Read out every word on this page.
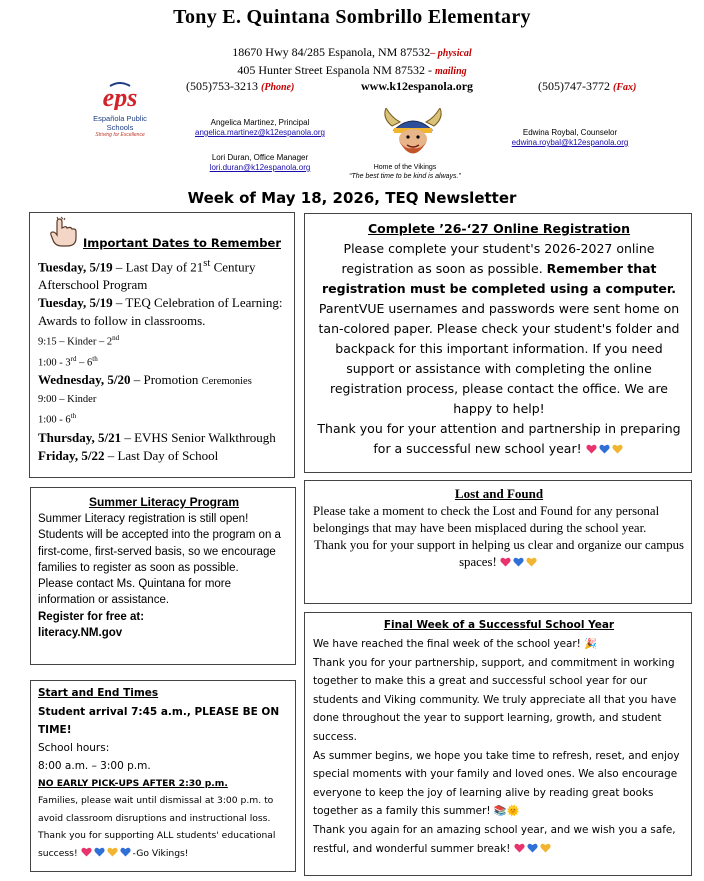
Tony E. Quintana Sombrillo Elementary
18670 Hwy 84/285 Espanola, NM 87532– physical
405 Hunter Street Espanola NM 87532 - mailing
(505)753-3213 (Phone)	www.k12espanola.org	(505)747-3772 (Fax)
eps
Española Public Schools
Striving for Excellence
Angelica Martinez, Principal
angelica.martinez@k12espanola.org
Lori Duran, Office Manager
lori.duran@k12espanola.org
Edwina Roybal, Counselor
edwina.roybal@k12espanola.org
Home of the Vikings
“The best time to be kind is always.”
Week of May 18, 2026, TEQ Newsletter
Important Dates to Remember
Tuesday, 5/19 – Last Day of 21st Century Afterschool Program
Tuesday, 5/19 – TEQ Celebration of Learning: Awards to follow in classrooms.
9:15 – Kinder – 2nd
1:00 - 3rd – 6th
Wednesday, 5/20 – Promotion Ceremonies
9:00 – Kinder
1:00 - 6th
Thursday, 5/21 – EVHS Senior Walkthrough
Friday, 5/22 – Last Day of School
Complete ’26-‘27 Online Registration
Please complete your student's 2026-2027 online registration as soon as possible. Remember that registration must be completed using a computer. ParentVUE usernames and passwords were sent home on tan-colored paper. Please check your student's folder and backpack for this important information. If you need support or assistance with completing the online registration process, please contact the office. We are happy to help!
Thank you for your attention and partnership in preparing for a successful new school year!
Summer Literacy Program
Summer Literacy registration is still open! Students will be accepted into the program on a first-come, first-served basis, so we encourage families to register as soon as possible.
Please contact Ms. Quintana for more information or assistance.
Register for free at:
literacy.NM.gov
Lost and Found
Please take a moment to check the Lost and Found for any personal belongings that may have been misplaced during the school year.
Thank you for your support in helping us clear and organize our campus spaces!
Start and End Times
Student arrival 7:45 a.m., PLEASE BE ON TIME!
School hours:
8:00 a.m. – 3:00 p.m.
NO EARLY PICK-UPS AFTER 2:30 p.m.
Families, please wait until dismissal at 3:00 p.m. to avoid classroom disruptions and instructional loss. Thank you for supporting ALL students' educational success!	-Go Vikings!
Final Week of a Successful School Year
We have reached the final week of the school year! 🎉
Thank you for your partnership, support, and commitment in working together to make this a great and successful school year for our students and Viking community. We truly appreciate all that you have done throughout the year to support learning, growth, and student success.
As summer begins, we hope you take time to refresh, reset, and enjoy special moments with your family and loved ones. We also encourage everyone to keep the joy of learning alive by reading great books together as a family this summer! 📚🌞
Thank you again for an amazing school year, and we wish you a safe, restful, and wonderful summer break!
